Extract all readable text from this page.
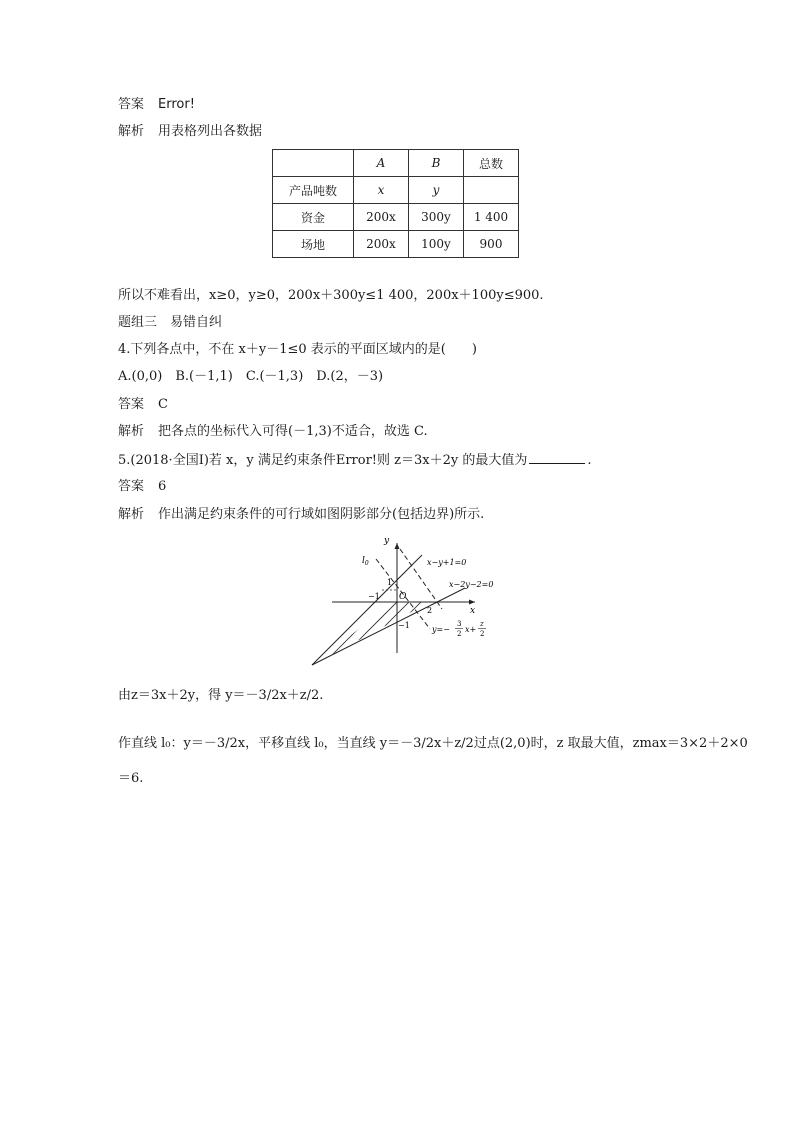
答案 Error!
解析 用表格列出各数据
	A	B	总数
产品吨数	x	y	
资金	200x	300y	1 400
场地	200x	100y	900
所以不难看出，x≥0，y≥0，200x＋300y≤1 400，200x＋100y≤900.
题组三　易错自纠
4.下列各点中，不在 x＋y－1≤0 表示的平面区域内的是(　　)
A.(0,0)　B.(－1,1)　C.(－1,3)　D.(2，－3)
答案 C
解析 把各点的坐标代入可得(－1,3)不适合，故选 C.
5.(2018·全国Ⅰ)若 x，y 满足约束条件Error!则 z＝3x＋2y 的最大值为	.
答案 6
解析 作出满足约束条件的可行域如图阴影部分(包括边界)所示.
y
x
O
$l_0$
1
−1
2
−1
x−y+1=0
x−2y−2=0
y=−
3
2 x+
z
2
由z＝3x＋2y，得 y＝－3/2x＋z/2.
作直线 l₀：y＝－3/2x，平移直线 l₀，当直线 y＝－3/2x＋z/2过点(2,0)时，z 取最大值，zmax＝3×2＋2×0
＝6.
